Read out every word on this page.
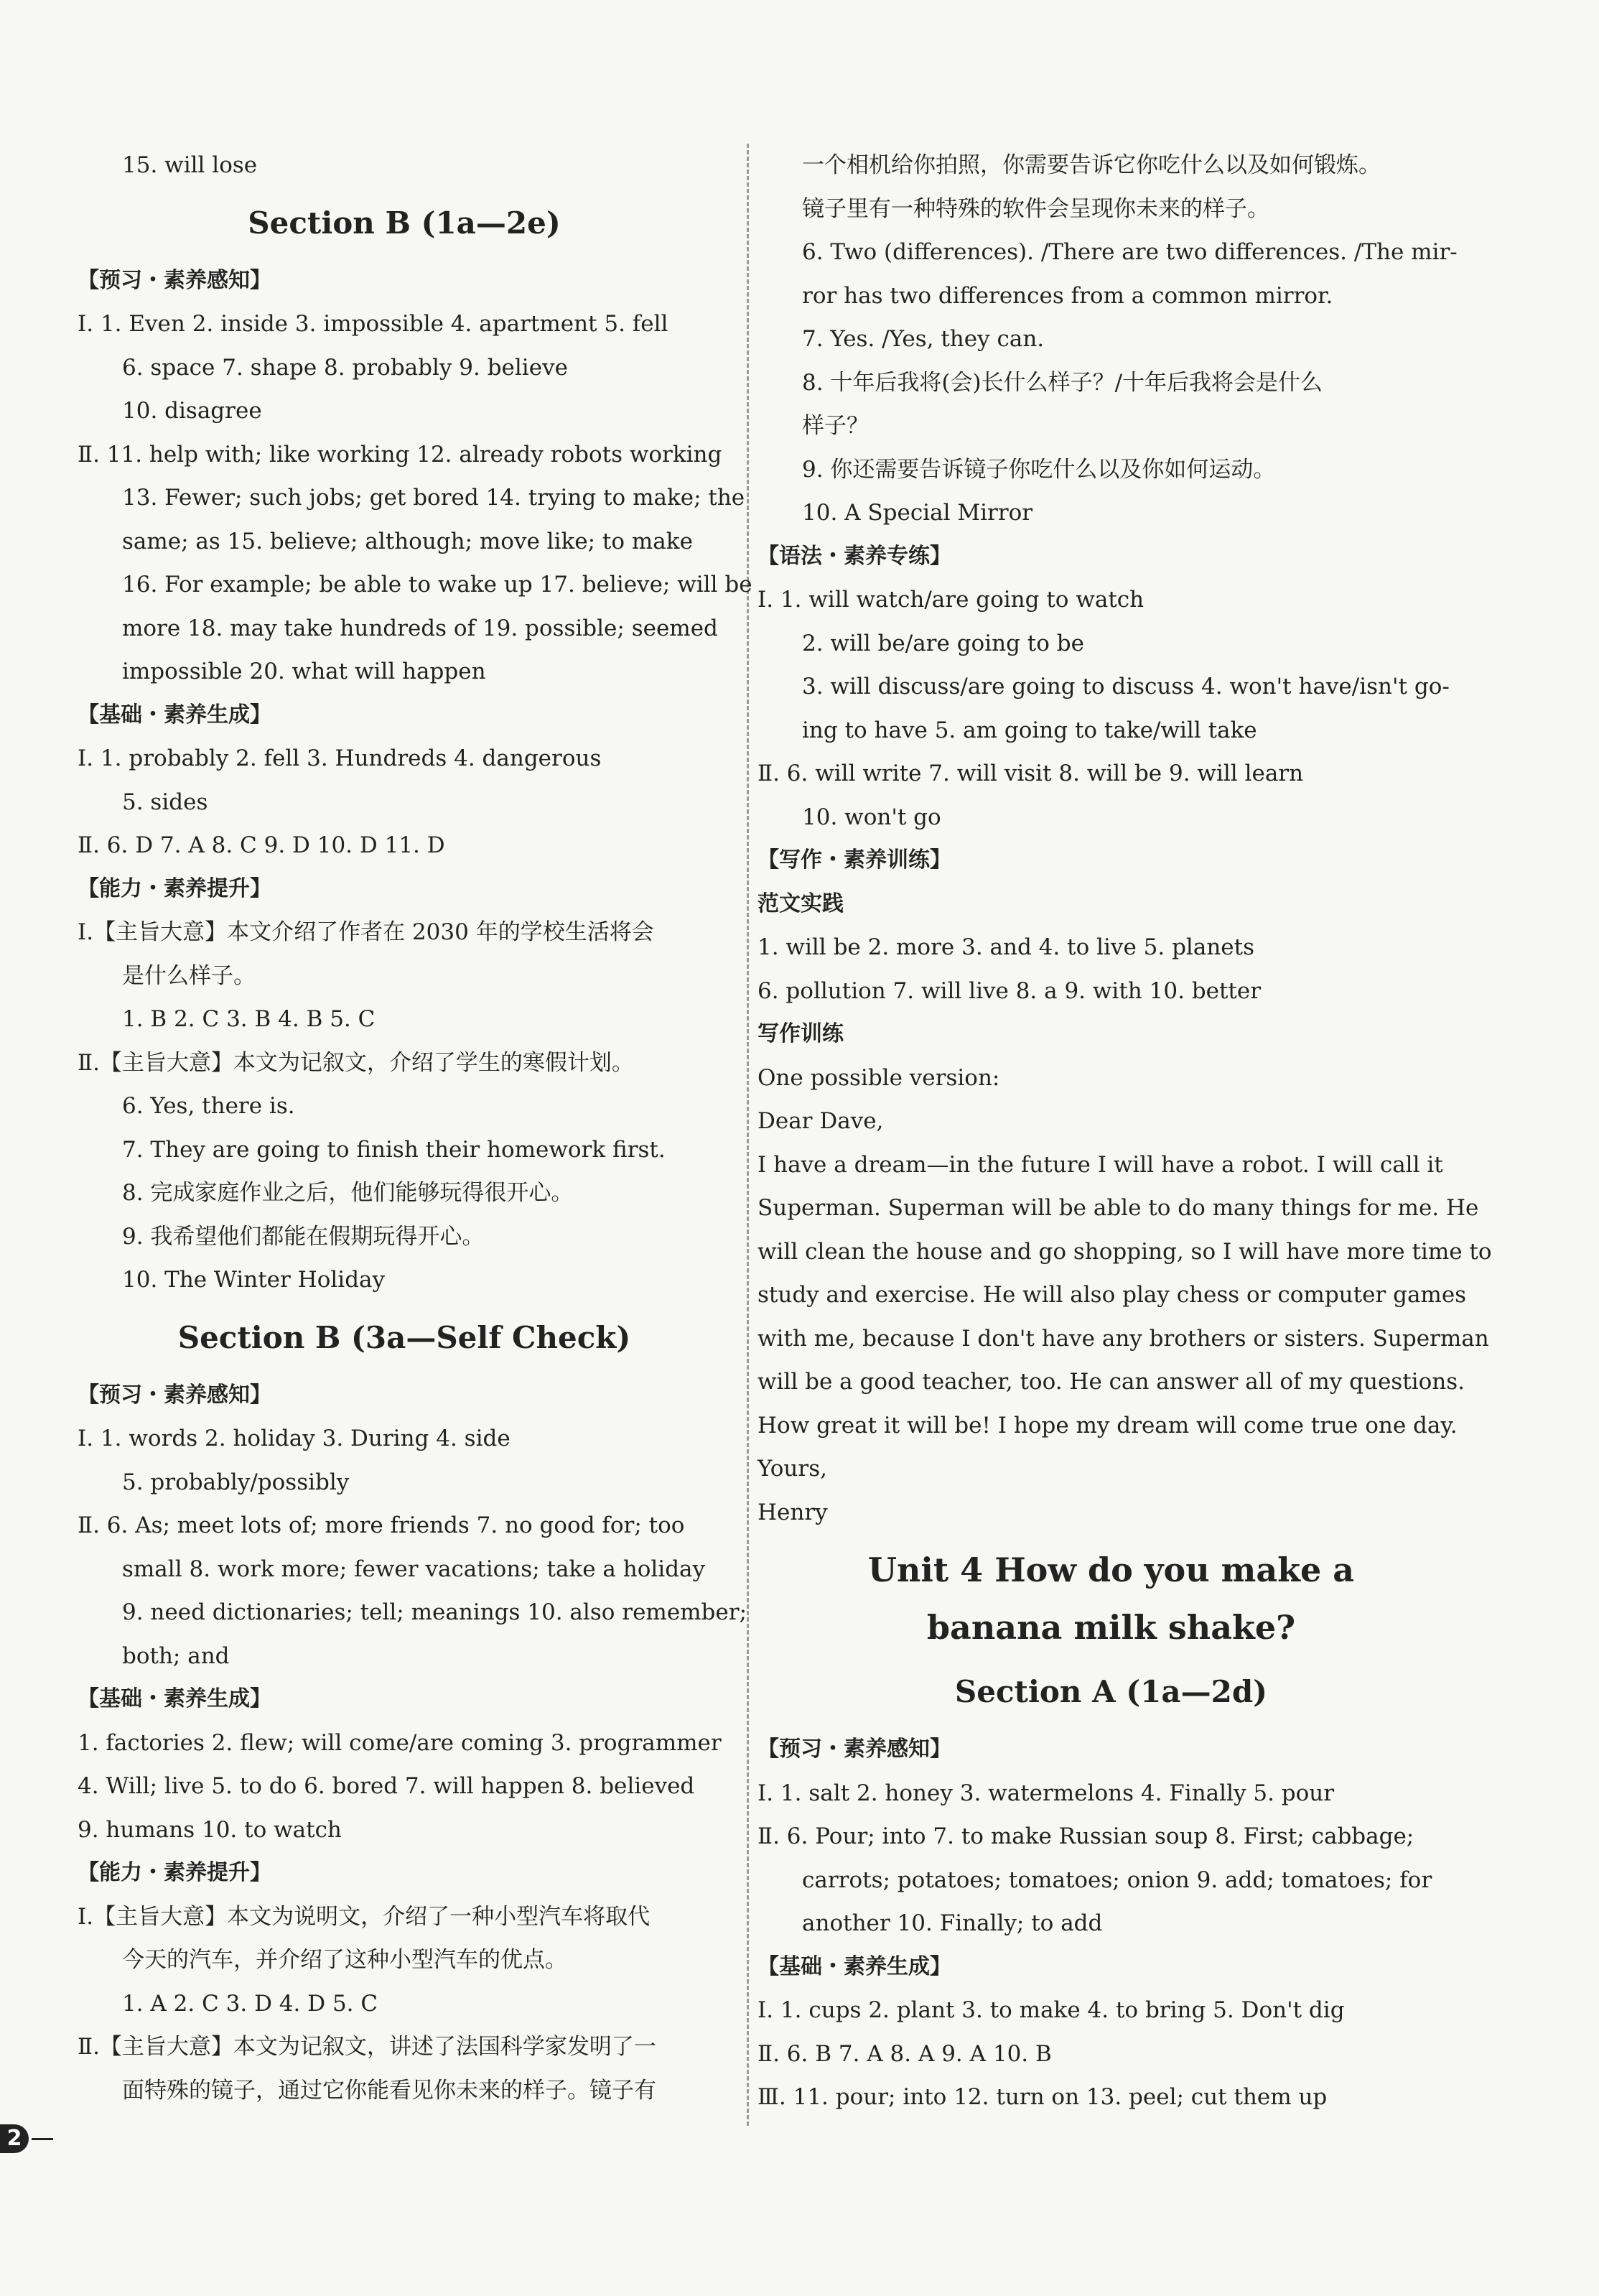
15. will lose
Section B (1a—2e)
【预习・素养感知】
Ⅰ. 1. Even 2. inside 3. impossible 4. apartment 5. fell
6. space 7. shape 8. probably 9. believe
10. disagree
Ⅱ. 11. help with; like working 12. already robots working
13. Fewer; such jobs; get bored 14. trying to make; the
same; as 15. believe; although; move like; to make
16. For example; be able to wake up 17. believe; will be
more 18. may take hundreds of 19. possible; seemed
impossible 20. what will happen
【基础・素养生成】
Ⅰ. 1. probably 2. fell 3. Hundreds 4. dangerous
5. sides
Ⅱ. 6. D 7. A 8. C 9. D 10. D 11. D
【能力・素养提升】
Ⅰ.【主旨大意】本文介绍了作者在 2030 年的学校生活将会
是什么样子。
1. B 2. C 3. B 4. B 5. C
Ⅱ.【主旨大意】本文为记叙文，介绍了学生的寒假计划。
6. Yes, there is.
7. They are going to finish their homework first.
8. 完成家庭作业之后，他们能够玩得很开心。
9. 我希望他们都能在假期玩得开心。
10. The Winter Holiday
Section B (3a—Self Check)
【预习・素养感知】
Ⅰ. 1. words 2. holiday 3. During 4. side
5. probably/possibly
Ⅱ. 6. As; meet lots of; more friends 7. no good for; too
small 8. work more; fewer vacations; take a holiday
9. need dictionaries; tell; meanings 10. also remember;
both; and
【基础・素养生成】
1. factories 2. flew; will come/are coming 3. programmer
4. Will; live 5. to do 6. bored 7. will happen 8. believed
9. humans 10. to watch
【能力・素养提升】
Ⅰ.【主旨大意】本文为说明文，介绍了一种小型汽车将取代
今天的汽车，并介绍了这种小型汽车的优点。
1. A 2. C 3. D 4. D 5. C
Ⅱ.【主旨大意】本文为记叙文，讲述了法国科学家发明了一
面特殊的镜子，通过它你能看见你未来的样子。镜子有
一个相机给你拍照，你需要告诉它你吃什么以及如何锻炼。
镜子里有一种特殊的软件会呈现你未来的样子。
6. Two (differences). /There are two differences. /The mir-
ror has two differences from a common mirror.
7. Yes. /Yes, they can.
8. 十年后我将(会)长什么样子？/十年后我将会是什么
样子？
9. 你还需要告诉镜子你吃什么以及你如何运动。
10. A Special Mirror
【语法・素养专练】
Ⅰ. 1. will watch/are going to watch
2. will be/are going to be
3. will discuss/are going to discuss 4. won't have/isn't go-
ing to have 5. am going to take/will take
Ⅱ. 6. will write 7. will visit 8. will be 9. will learn
10. won't go
【写作・素养训练】
范文实践
1. will be 2. more 3. and 4. to live 5. planets
6. pollution 7. will live 8. a 9. with 10. better
写作训练
One possible version:
Dear Dave,
I have a dream—in the future I will have a robot. I will call it
Superman. Superman will be able to do many things for me. He
will clean the house and go shopping, so I will have more time to
study and exercise. He will also play chess or computer games
with me, because I don't have any brothers or sisters. Superman
will be a good teacher, too. He can answer all of my questions.
How great it will be! I hope my dream will come true one day.
Yours,
Henry
Unit 4 How do you make a
banana milk shake?
Section A (1a—2d)
【预习・素养感知】
Ⅰ. 1. salt 2. honey 3. watermelons 4. Finally 5. pour
Ⅱ. 6. Pour; into 7. to make Russian soup 8. First; cabbage;
carrots; potatoes; tomatoes; onion 9. add; tomatoes; for
another 10. Finally; to add
【基础・素养生成】
Ⅰ. 1. cups 2. plant 3. to make 4. to bring 5. Don't dig
Ⅱ. 6. B 7. A 8. A 9. A 10. B
Ⅲ. 11. pour; into 12. turn on 13. peel; cut them up
2
